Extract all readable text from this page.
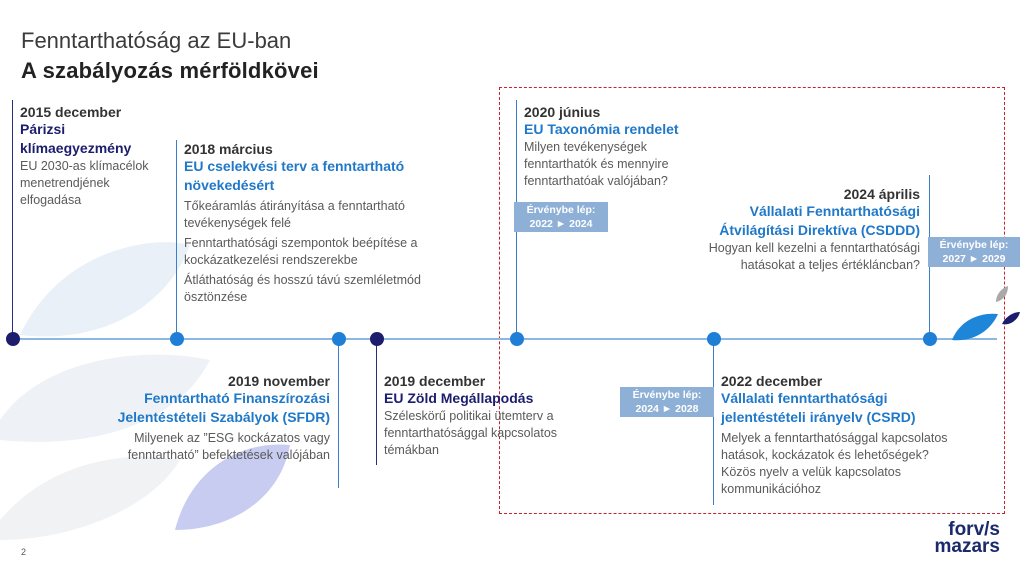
Fenntarthatóság az EU-ban
A szabályozás mérföldkövei
2015 december
Párizsi klímaegyezmény
EU 2030-as klímacélok menetrendjének elfogadása
2018 március
EU cselekvési terv a fenntartható növekedésért
Tőkeáramlás átirányítása a fenntartható tevékenységek felé
Fenntarthatósági szempontok beépítése a kockázatkezelési rendszerekbe
Átláthatóság és hosszú távú szemléletmód ösztönzése
2019 november
Fenntartható Finanszírozási Jelentéstételi Szabályok (SFDR)
Milyenek az ”ESG kockázatos vagy fenntartható” befektetések valójában
2019 december
EU Zöld Megállapodás
Széleskörű politikai ütemterv a fenntarthatósággal kapcsolatos témákban
2020 június
EU Taxonómia rendelet
Milyen tevékenységek fenntarthatók és mennyire fenntarthatóak valójában?
Érvénybe lép:
2022 ► 2024
2022 december
Vállalati fenntarthatósági jelentéstételi irányelv (CSRD)
Melyek a fenntarthatósággal kapcsolatos hatások, kockázatok és lehetőségek? Közös nyelv a velük kapcsolatos kommunikációhoz
Érvénybe lép:
2024 ► 2028
2024 április
Vállalati Fenntarthatósági Átvilágítási Direktíva (CSDDD)
Hogyan kell kezelni a fenntarthatósági hatásokat a teljes értékláncban?
Érvénybe lép:
2027 ► 2029
2
forv/s
mazars
